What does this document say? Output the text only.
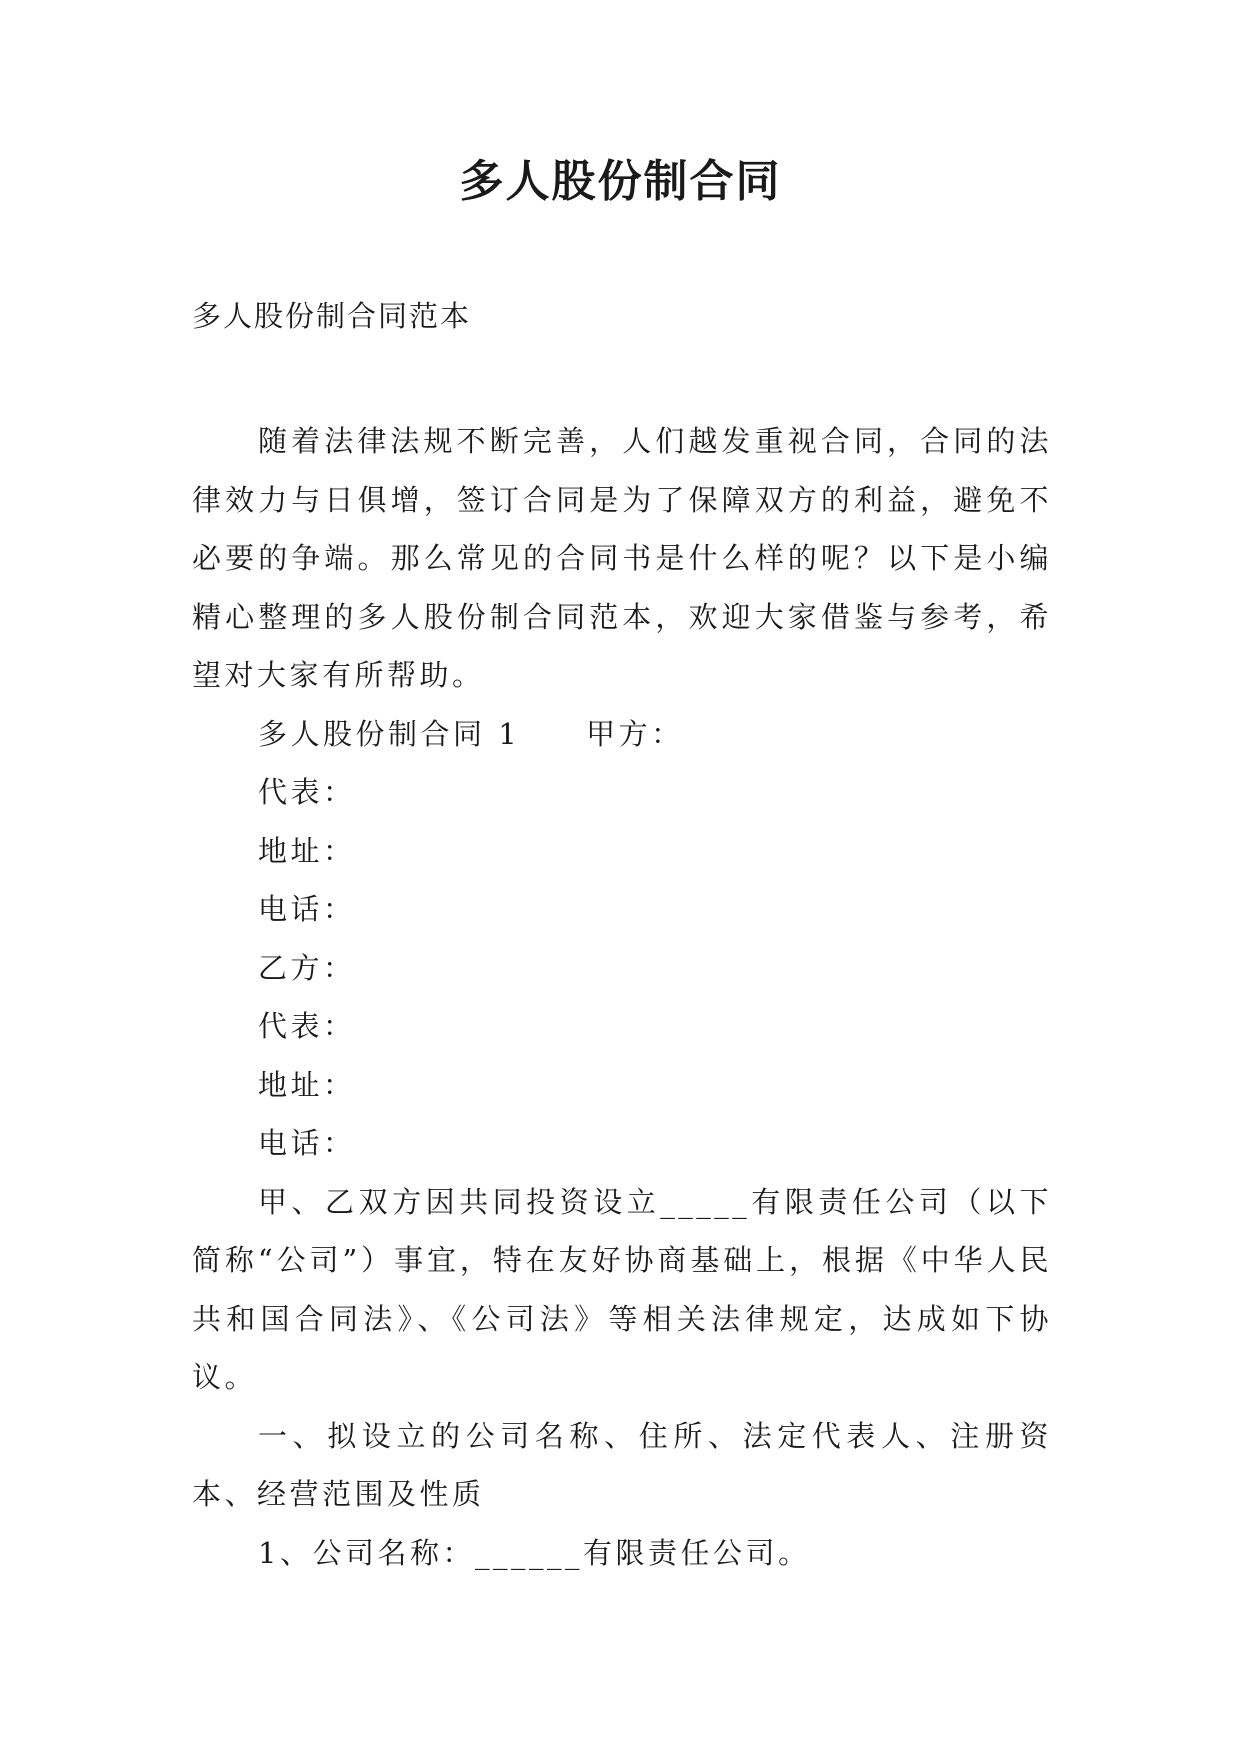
多人股份制合同
多人股份制合同范本

随着法律法规不断完善，人们越发重视合同，合同的法律效力与日俱增，签订合同是为了保障双方的利益，避免不必要的争端。那么常见的合同书是什么样的呢？以下是小编精心整理的多人股份制合同范本，欢迎大家借鉴与参考，希望对大家有所帮助。

多人股份制合同 1 甲方：

代表：

地址：

电话：

乙方：

代表：

地址：

电话：

甲、乙双方因共同投资设立_____有限责任公司（以下简称“公司”）事宜，特在友好协商基础上，根据《中华人民共和国合同法》、《公司法》等相关法律规定，达成如下协议。

一、拟设立的公司名称、住所、法定代表人、注册资本、经营范围及性质

1、公司名称：______有限责任公司。
